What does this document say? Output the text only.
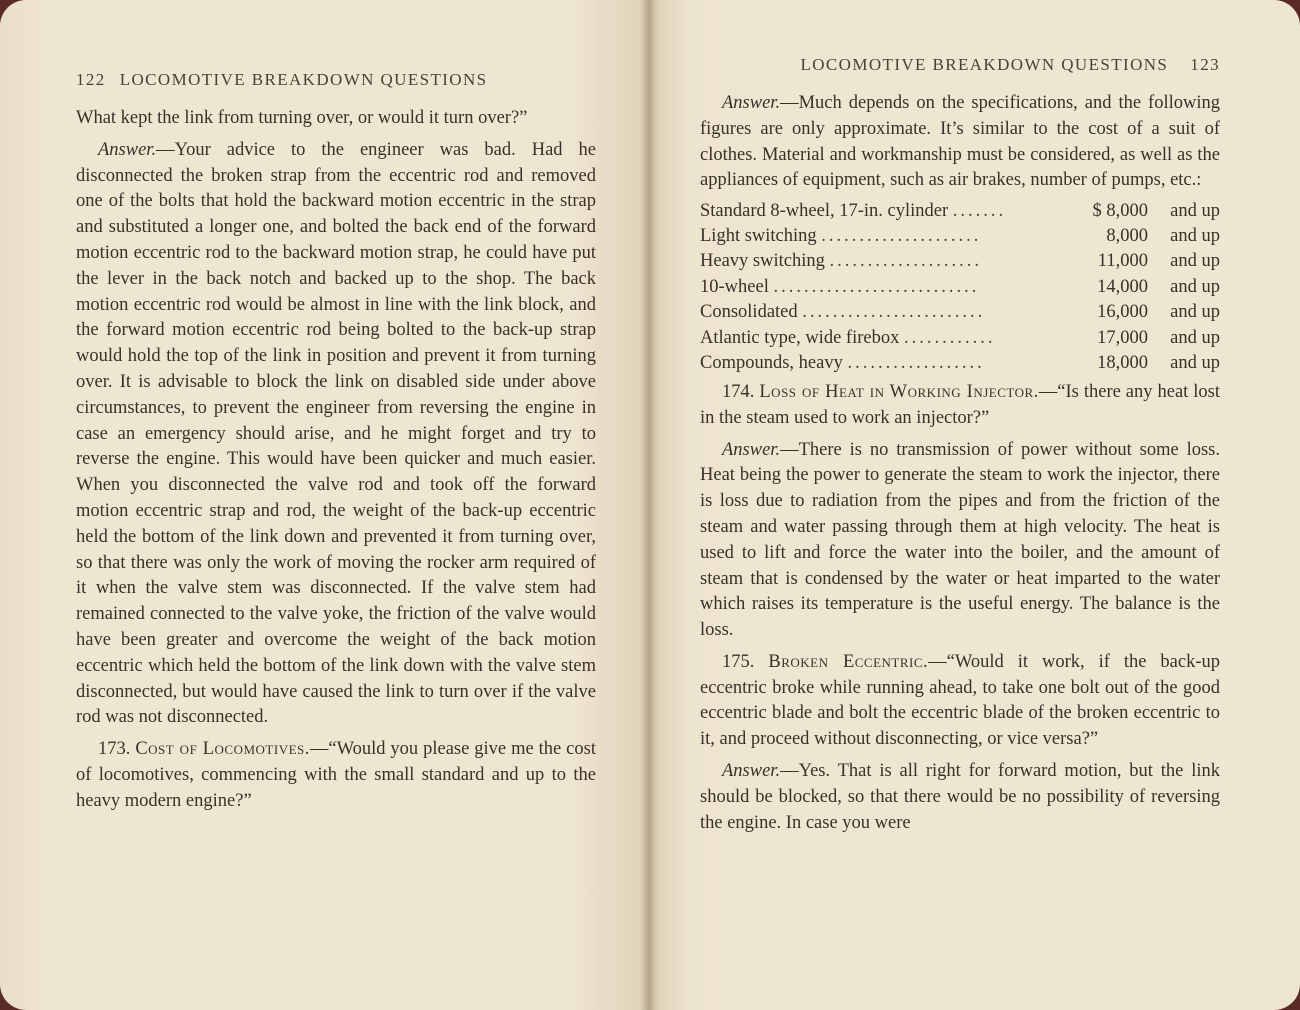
122 LOCOMOTIVE BREAKDOWN QUESTIONS

What kept the link from turning over, or would it turn over?”

Answer.—Your advice to the engineer was bad. Had he disconnected the broken strap from the eccentric rod and removed one of the bolts that hold the backward motion eccentric in the strap and substituted a longer one, and bolted the back end of the forward motion eccentric rod to the backward motion strap, he could have put the lever in the back notch and backed up to the shop. The back motion eccentric rod would be almost in line with the link block, and the forward motion eccentric rod being bolted to the back-up strap would hold the top of the link in position and prevent it from turning over. It is advisable to block the link on disabled side under above circumstances, to prevent the engineer from reversing the engine in case an emergency should arise, and he might forget and try to reverse the engine. This would have been quicker and much easier. When you disconnected the valve rod and took off the forward motion eccentric strap and rod, the weight of the back-up eccentric held the bottom of the link down and prevented it from turning over, so that there was only the work of moving the rocker arm required of it when the valve stem was disconnected. If the valve stem had remained connected to the valve yoke, the friction of the valve would have been greater and overcome the weight of the back motion eccentric which held the bottom of the link down with the valve stem disconnected, but would have caused the link to turn over if the valve rod was not disconnected.

173. Cost of Locomotives.—“Would you please give me the cost of locomotives, commencing with the small standard and up to the heavy modern engine?”

LOCOMOTIVE BREAKDOWN QUESTIONS 123

Answer.—Much depends on the specifications, and the following figures are only approximate. It’s similar to the cost of a suit of clothes. Material and workmanship must be considered, as well as the appliances of equipment, such as air brakes, number of pumps, etc.:

Standard 8-wheel, 17-in. cylinder .......	$ 8,000	and up
Light switching .....................	8,000	and up
Heavy switching ....................	11,000	and up
10-wheel ...........................	14,000	and up
Consolidated ........................	16,000	and up
Atlantic type, wide firebox ............	17,000	and up
Compounds, heavy ..................	18,000	and up

174. Loss of Heat in Working Injector.—“Is there any heat lost in the steam used to work an injector?”

Answer.—There is no transmission of power without some loss. Heat being the power to generate the steam to work the injector, there is loss due to radiation from the pipes and from the friction of the steam and water passing through them at high velocity. The heat is used to lift and force the water into the boiler, and the amount of steam that is condensed by the water or heat imparted to the water which raises its temperature is the useful energy. The balance is the loss.

175. Broken Eccentric.—“Would it work, if the back-up eccentric broke while running ahead, to take one bolt out of the good eccentric blade and bolt the eccentric blade of the broken eccentric to it, and proceed without disconnecting, or vice versa?”

Answer.—Yes. That is all right for forward motion, but the link should be blocked, so that there would be no possibility of reversing the engine. In case you were
